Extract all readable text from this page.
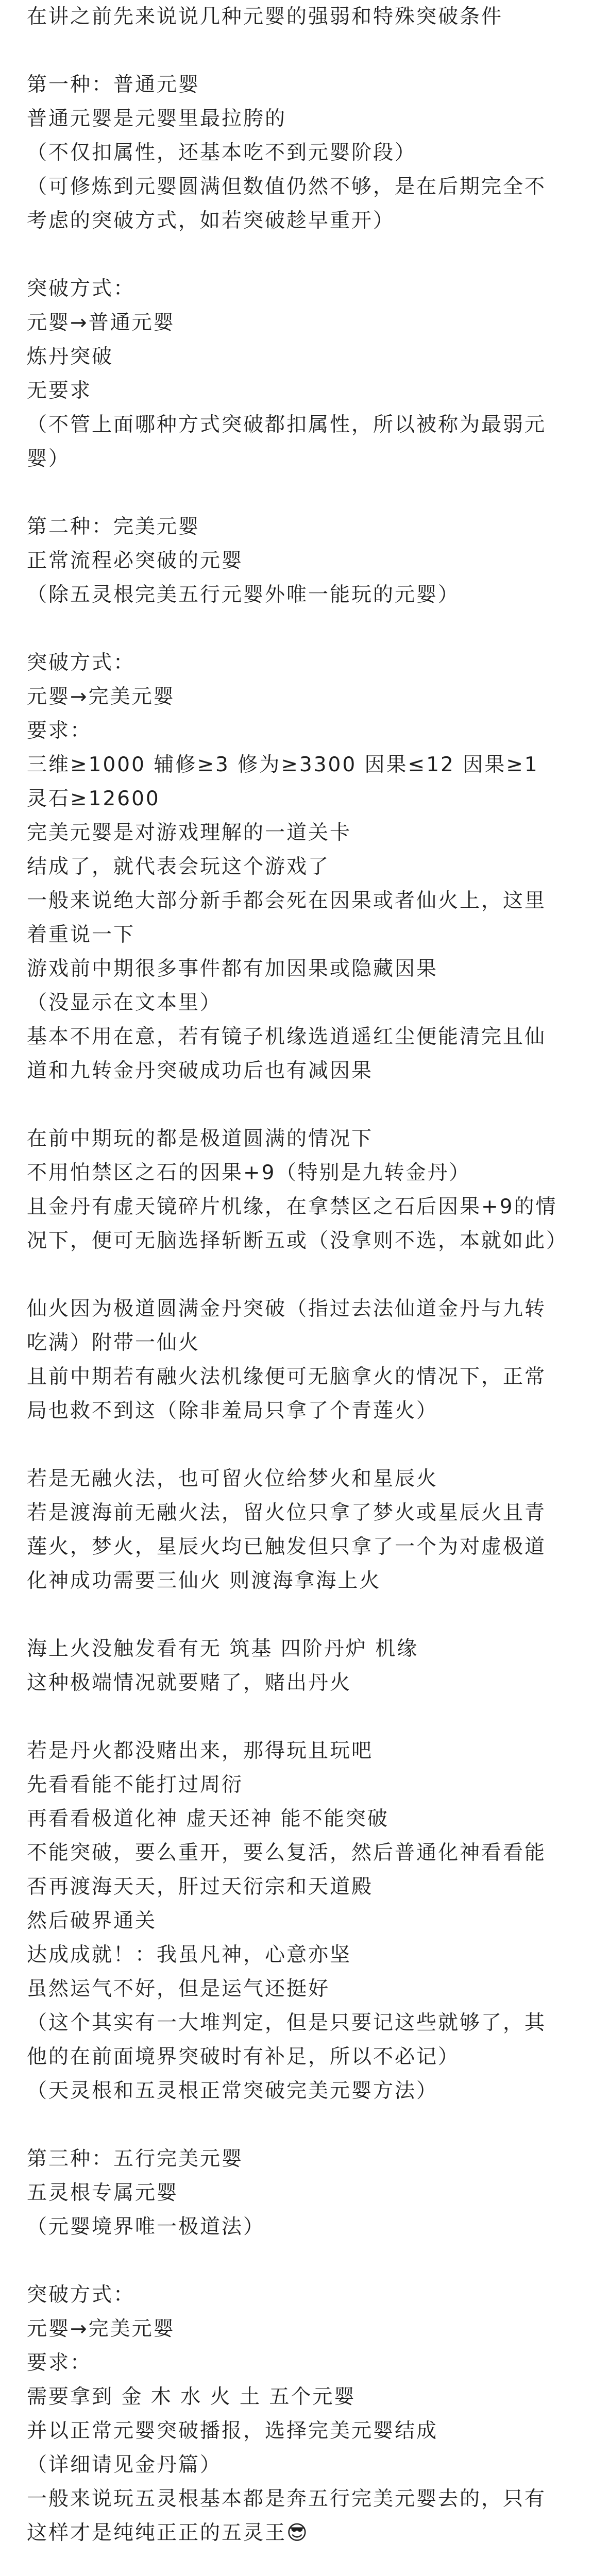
在讲之前先来说说几种元婴的强弱和特殊突破条件

第一种：普通元婴

普通元婴是元婴里最拉胯的

（不仅扣属性，还基本吃不到元婴阶段）

（可修炼到元婴圆满但数值仍然不够，是在后期完全不考虑的突破方式，如若突破趁早重开）

突破方式：

元婴→普通元婴

炼丹突破

无要求

（不管上面哪种方式突破都扣属性，所以被称为最弱元婴）

第二种：完美元婴

正常流程必突破的元婴

（除五灵根完美五行元婴外唯一能玩的元婴）

突破方式：

元婴→完美元婴

要求：

三维≥1000 辅修≥3 修为≥3300 因果≤12 因果≥1

灵石≥12600

完美元婴是对游戏理解的一道关卡

结成了，就代表会玩这个游戏了

一般来说绝大部分新手都会死在因果或者仙火上，这里着重说一下

游戏前中期很多事件都有加因果或隐藏因果

（没显示在文本里）

基本不用在意，若有镜子机缘选逍遥红尘便能清完且仙道和九转金丹突破成功后也有减因果

在前中期玩的都是极道圆满的情况下

不用怕禁区之石的因果+9（特别是九转金丹）

且金丹有虚天镜碎片机缘，在拿禁区之石后因果+9的情况下，便可无脑选择斩断五或（没拿则不选，本就如此）

仙火因为极道圆满金丹突破（指过去法仙道金丹与九转吃满）附带一仙火

且前中期若有融火法机缘便可无脑拿火的情况下，正常局也救不到这（除非羞局只拿了个青莲火）

若是无融火法，也可留火位给梦火和星辰火

若是渡海前无融火法，留火位只拿了梦火或星辰火且青莲火，梦火，星辰火均已触发但只拿了一个为对虚极道化神成功需要三仙火 则渡海拿海上火

海上火没触发看有无 筑基 四阶丹炉 机缘

这种极端情况就要赌了，赌出丹火

若是丹火都没赌出来，那得玩且玩吧

先看看能不能打过周衍

再看看极道化神 虚天还神 能不能突破

不能突破，要么重开，要么复活，然后普通化神看看能否再渡海天天，肝过天衍宗和天道殿

然后破界通关

达成成就！：我虽凡神，心意亦坚

虽然运气不好，但是运气还挺好

（这个其实有一大堆判定，但是只要记这些就够了，其他的在前面境界突破时有补足，所以不必记）

（天灵根和五灵根正常突破完美元婴方法）

第三种：五行完美元婴

五灵根专属元婴

（元婴境界唯一极道法）

突破方式：

元婴→完美元婴

要求：

需要拿到 金 木 水 火 土 五个元婴

并以正常元婴突破播报，选择完美元婴结成

（详细请见金丹篇）

一般来说玩五灵根基本都是奔五行完美元婴去的，只有这样才是纯纯正正的五灵王😎
